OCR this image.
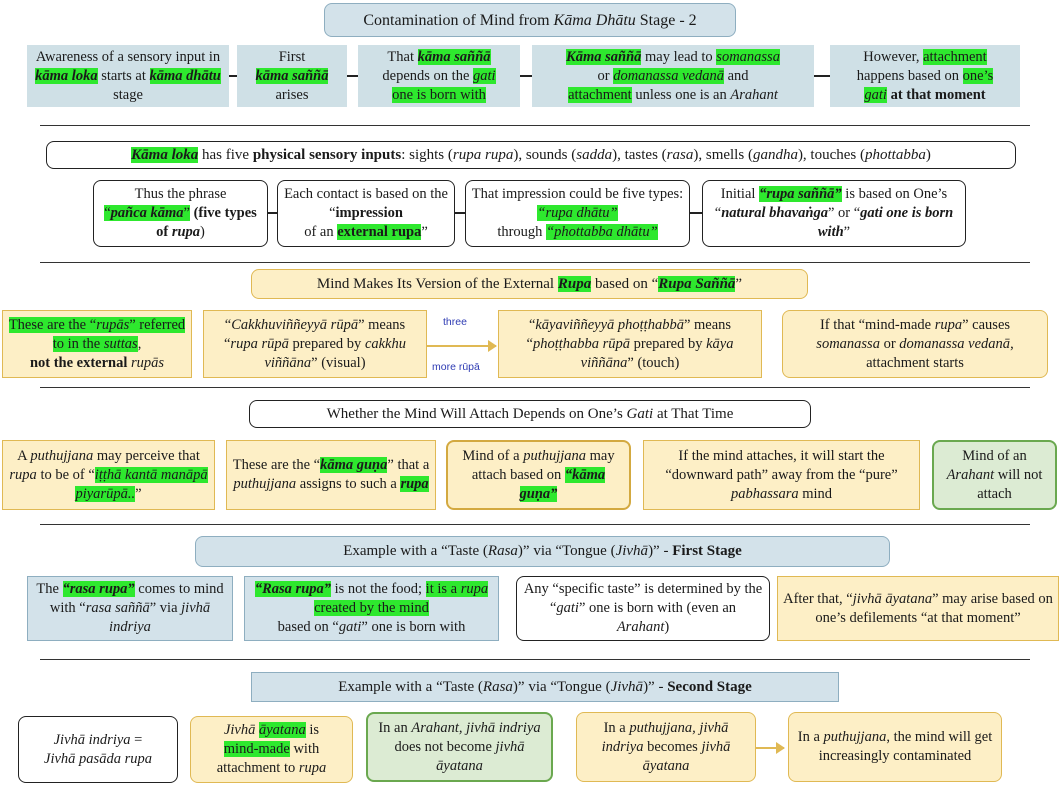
Contamination of Mind from Kāma Dhātu Stage - 2
Awareness of a sensory input in kāma loka starts at kāma dhātu stage
First
kāma saññā
arises
That kāma saññā depends on the gati
one is born with
Kāma saññā may lead to somanassa
or domanassa vedanā and
attachment unless one is an Arahant
However, attachment
happens based on one’s
gati at that moment
Kāma loka has five physical sensory inputs: sights (rupa rupa), sounds (sadda), tastes (rasa), smells (gandha), touches (phottabba)
Thus the phrase
“pañca kāma” (five types of rupa)
Each contact is based on the “impression
of an external rupa”
That impression could be five types: “rupa dhātu”
through “phottabba dhātu”
Initial “rupa saññā” is based on One’s “natural bhavaṅga” or “gati one is born with”
Mind Makes Its Version of the External Rupa based on “Rupa Saññā”
These are the “rupās” referred to in the suttas,
not the external rupās
“Cakkhuviññeyyā rūpā” means “rupa rūpā prepared by cakkhu viññāna” (visual)
three
more rūpā
“kāyaviññeyyā phoṭṭhabbā” means “phoṭṭhabba rūpā prepared by kāya viññāna” (touch)
If that “mind-made rupa” causes somanassa or domanassa vedanā, attachment starts
Whether the Mind Will Attach Depends on One’s Gati at That Time
A puthujjana may perceive that rupa to be of “iṭṭhā kantā manāpā piyarūpā..”
These are the “kāma guṇa” that a puthujjana assigns to such a rupa
Mind of a puthujjana may attach based on “kāma guṇa”
If the mind attaches, it will start the “downward path” away from the “pure” pabhassara mind
Mind of an Arahant will not attach
Example with a “Taste (Rasa)” via “Tongue (Jivhā)” - First Stage
The “rasa rupa” comes to mind with “rasa saññā” via jivhā indriya
“Rasa rupa” is not the food; it is a rupa created by the mind
based on “gati” one is born with
Any “specific taste” is determined by the “gati” one is born with (even an Arahant)
After that, “jivhā āyatana” may arise based on one’s defilements “at that moment”
Example with a “Taste (Rasa)” via “Tongue (Jivhā)” - Second Stage
Jivhā indriya =
Jivhā pasāda rupa
Jivhā āyatana is
mind-made with attachment to rupa
In an Arahant, jivhā indriya does not become jivhā āyatana
In a puthujjana, jivhā indriya becomes jivhā āyatana
In a puthujjana, the mind will get increasingly contaminated
